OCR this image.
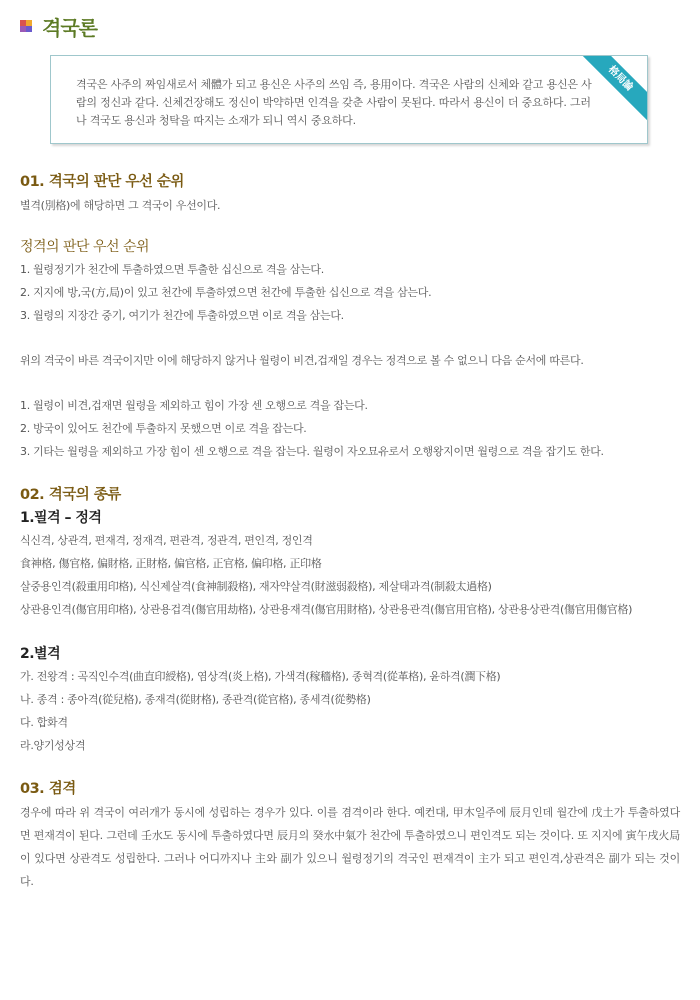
격국론
격국은 사주의 짜임새로서 체體가 되고 용신은 사주의 쓰임 즉, 용用이다. 격국은 사람의 신체와 같고 용신은 사람의 정신과 같다. 신체건장해도 정신이 박약하면 인격을 갖춘 사람이 못된다. 따라서 용신이 더 중요하다. 그러나 격국도 용신과 청탁을 따지는 소재가 되니 역시 중요하다.
格局論

01. 격국의 판단 우선 순위

별격(別格)에 해당하면 그 격국이 우선이다.

정격의 판단 우선 순위

1. 월령정기가 천간에 투출하였으면 투출한 십신으로 격을 삼는다.

2. 지지에 방,국(方,局)이 있고 천간에 투출하였으면 천간에 투출한 십신으로 격을 삼는다.

3. 월령의 지장간 중기, 여기가 천간에 투출하였으면 이로 격을 삼는다.

위의 격국이 바른 격국이지만 이에 해당하지 않거나 월령이 비견,겁재일 경우는 정격으로 볼 수 없으니 다음 순서에 따른다.

1. 월령이 비견,겁재면 월령을 제외하고 힘이 가장 센 오행으로 격을 잡는다.

2. 방국이 있어도 천간에 투출하지 못했으면 이로 격을 잡는다.

3. 기타는 월령을 제외하고 가장 힘이 센 오행으로 격을 잡는다. 월령이 자오묘유로서 오행왕지이면 월령으로 격을 잡기도 한다.

02. 격국의 종류

1.필격 – 정격

식신격, 상관격, 편재격, 정재격, 편관격, 정관격, 편인격, 정인격

食神格, 傷官格, 偏財格, 正財格, 偏官格, 正官格, 偏印格, 正印格

살중용인격(殺重用印格), 식신제살격(食神制殺格), 재자약살격(財滋弱殺格), 제살태과격(制殺太過格)

상관용인격(傷官用印格), 상관용겁격(傷官用劫格), 상관용재격(傷官用財格), 상관용관격(傷官用官格), 상관용상관격(傷官用傷官格)

2.별격

가. 전왕격 : 곡직인수격(曲直印綬格), 염상격(炎上格), 가색격(稼穡格), 종혁격(從革格), 윤하격(潤下格)

나. 종격 : 종아격(從兒格), 종재격(從財格), 종관격(從官格), 종세격(從勢格)

다. 합화격

라.양기성상격

03. 겸격

경우에 따라 위 격국이 여러개가 동시에 성립하는 경우가 있다. 이를 겸격이라 한다. 예컨대, 甲木일주에 辰月인데 월간에 戊土가 투출하였다면 편재격이 된다. 그런데 壬水도 동시에 투출하였다면 辰月의 癸水中氣가 천간에 투출하였으니 편인격도 되는 것이다. 또 지지에 寅午戌火局이 있다면 상관격도 성립한다. 그러나 어디까지나 主와 副가 있으니 월령정기의 격국인 편재격이 主가 되고 편인격,상관격은 副가 되는 것이다.
